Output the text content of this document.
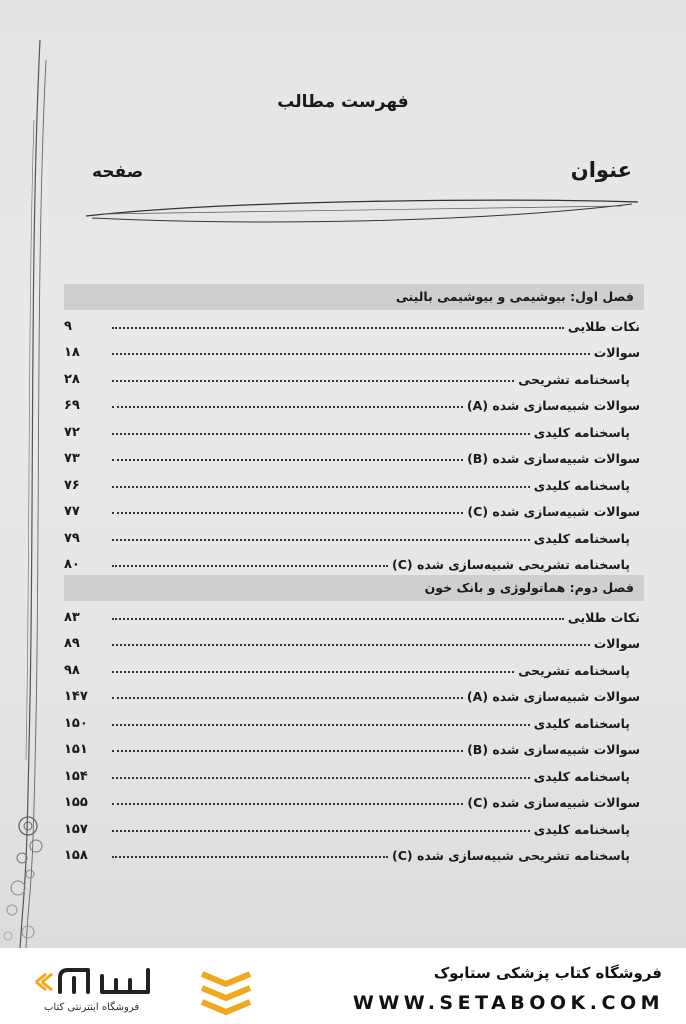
فهرست مطالب
عنوان
صفحه
فصل اول: بیوشیمی و بیوشیمی بالینی
نکات طلایی
۹
سوالات
۱۸
پاسخنامه تشریحی
۲۸
سوالات شبیه‌سازی شده (A)
۶۹
پاسخنامه کلیدی
۷۲
سوالات شبیه‌سازی شده (B)
۷۳
پاسخنامه کلیدی
۷۶
سوالات شبیه‌سازی شده (C)
۷۷
پاسخنامه کلیدی
۷۹
پاسخنامه تشریحی شبیه‌سازی شده (C)
۸۰
فصل دوم: هماتولوژی و بانک خون
نکات طلایی
۸۳
سوالات
۸۹
پاسخنامه تشریحی
۹۸
سوالات شبیه‌سازی شده (A)
۱۴۷
پاسخنامه کلیدی
۱۵۰
سوالات شبیه‌سازی شده (B)
۱۵۱
پاسخنامه کلیدی
۱۵۴
سوالات شبیه‌سازی شده (C)
۱۵۵
پاسخنامه کلیدی
۱۵۷
پاسخنامه تشریحی شبیه‌سازی شده (C)
۱۵۸
فروشگاه اینترنتی کتاب
فروشگاه کتاب پزشکی ستابوک
WWW.SETABOOK.COM
